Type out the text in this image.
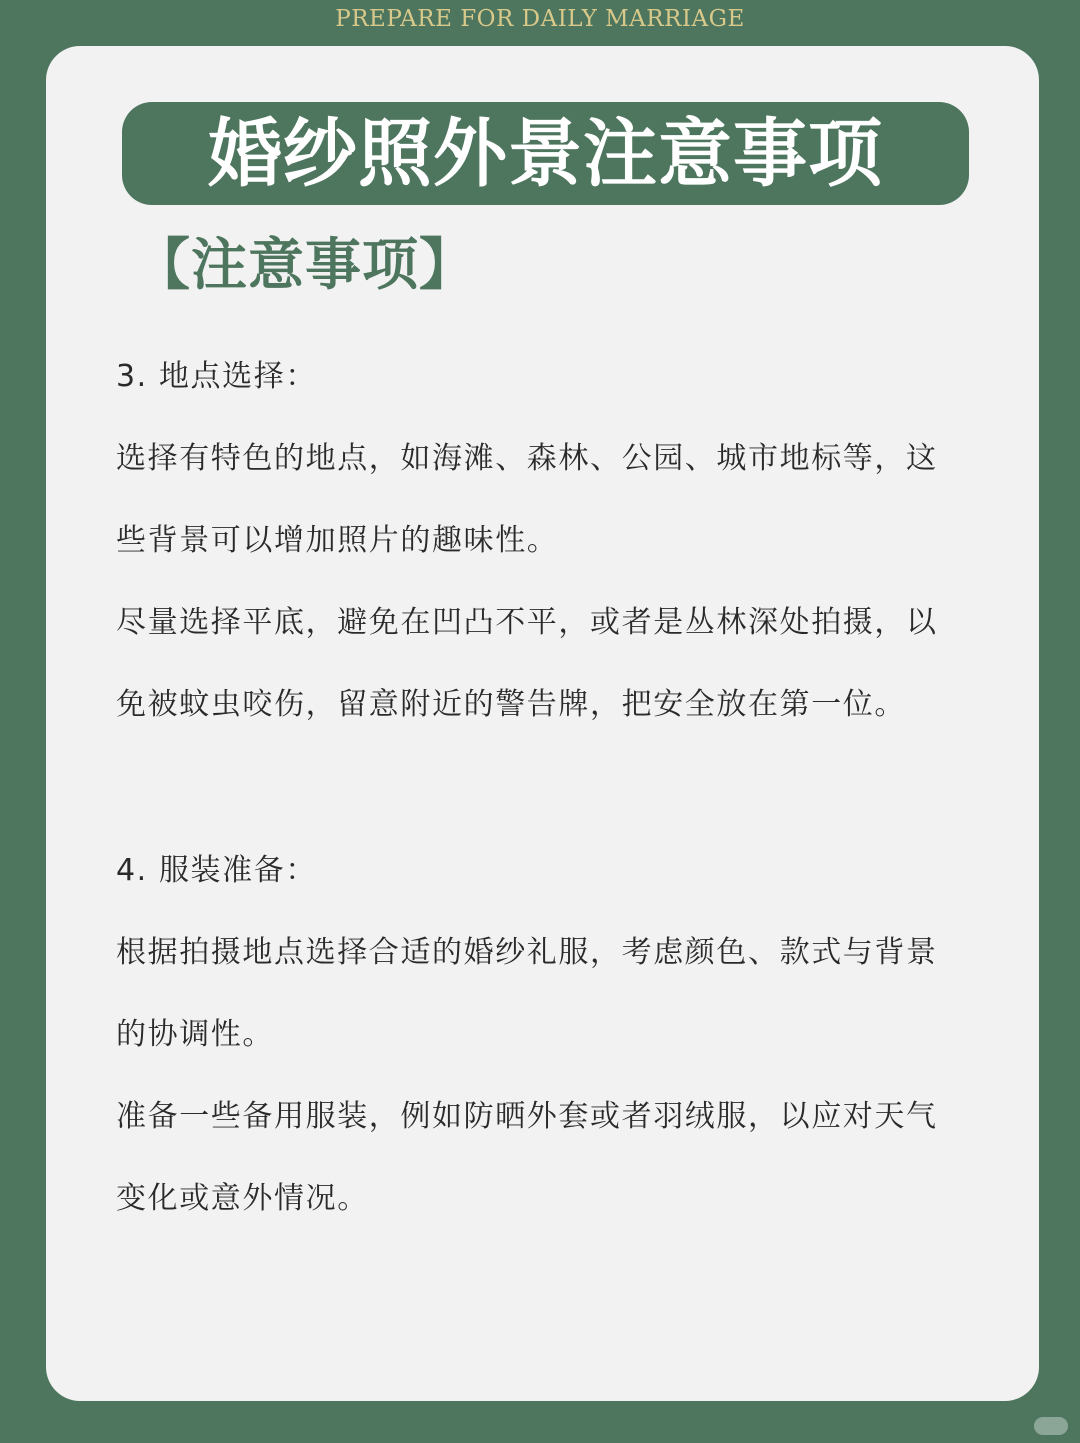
PREPARE FOR DAILY MARRIAGE
婚纱照外景注意事项
【注意事项】
3. 地点选择：
选择有特色的地点，如海滩、森林、公园、城市地标等，这
些背景可以增加照片的趣味性。
尽量选择平底，避免在凹凸不平，或者是丛林深处拍摄，以
免被蚊虫咬伤，留意附近的警告牌，把安全放在第一位。
4. 服装准备：
根据拍摄地点选择合适的婚纱礼服，考虑颜色、款式与背景
的协调性。
准备一些备用服装，例如防晒外套或者羽绒服，以应对天气
变化或意外情况。
